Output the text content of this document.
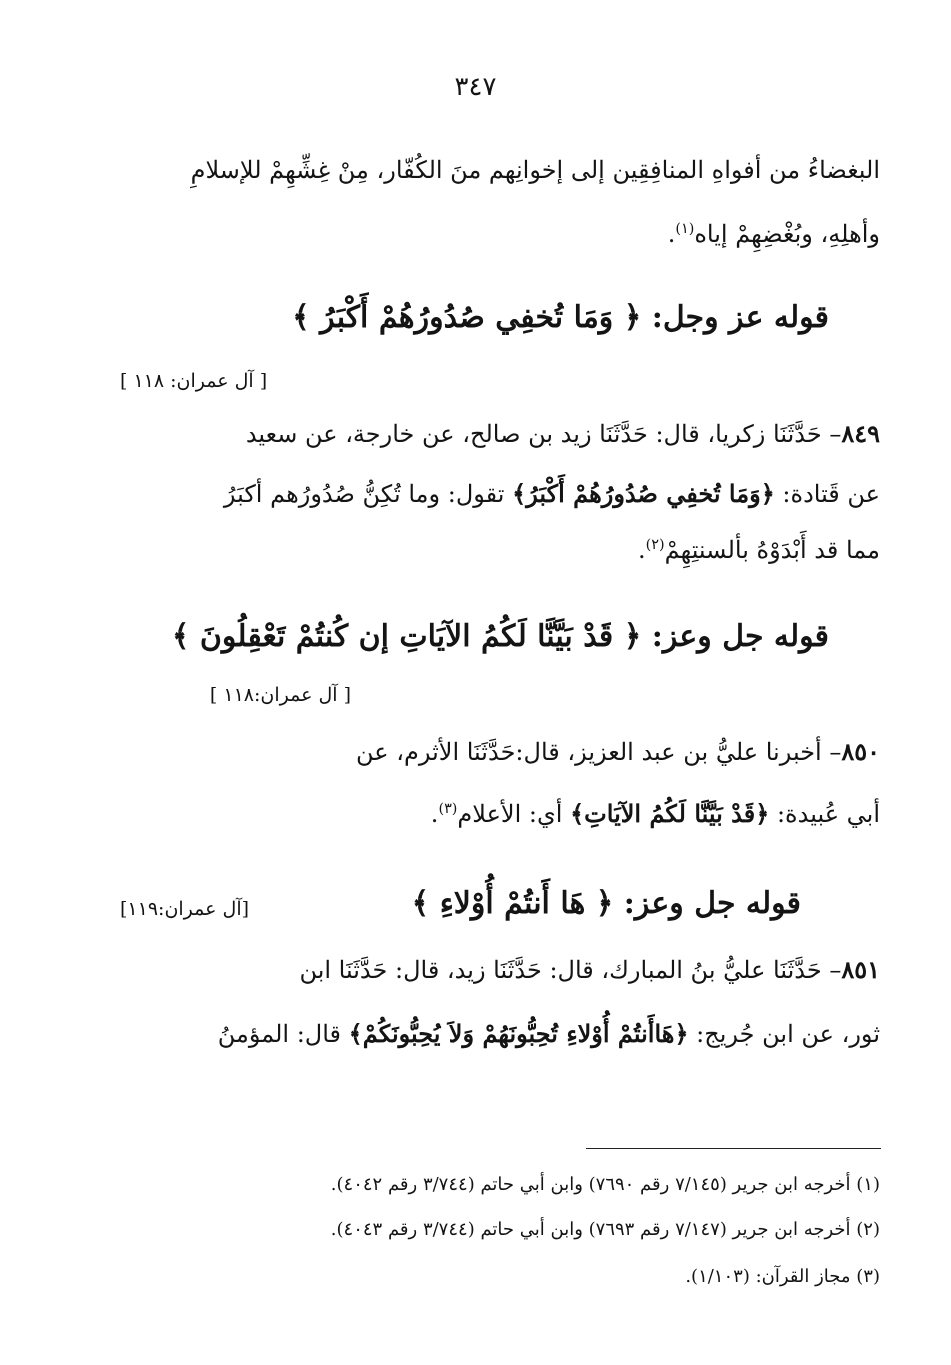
٣٤٧
البغضاءُ من أفواهِ المنافِقِين إلى إخوانِهم منَ الكُفّار، مِنْ غِشِّهِمْ للإسلامِ
وأهلِهِ، وبُغْضِهِمْ إياه$^{(١)}$.
قوله عز وجل: ﴿ وَمَا تُخفِي صُدُورُهُمْ أَكْبَرُ ﴾
[ آل عمران: ١١٨ ]
٨٤٩– حَدَّثَنَا زكريا، قال: حَدَّثَنَا زيد بن صالح، عن خارجة، عن سعيد
عن قَتادة: ﴿وَمَا تُخفِي صُدُورُهُمْ أَكْبَرُ﴾ تقول: وما تُكِنُّ صُدُورُهم أكبَرُ
مما قد أَبْدَوْهُ بألسنتِهِمْ$^{(٢)}$.
قوله جل وعز: ﴿ قَدْ بَيَّنَّا لَكُمُ الآيَاتِ إن كُنتُمْ تَعْقِلُونَ ﴾
[ آل عمران:١١٨ ]
٨٥٠– أخبرنا عليُّ بن عبد العزيز، قال:حَدَّثَنَا الأثرم، عن
أبي عُبيدة: ﴿قَدْ بَيَّنَّا لَكُمُ الآيَاتِ﴾ أي: الأعلام$^{(٣)}$.
قوله جل وعز: ﴿ هَا أَنتُمْ أُوْلاءِ ﴾
[آل عمران:١١٩]
٨٥١– حَدَّثَنَا عليُّ بنُ المبارك، قال: حَدَّثَنَا زيد، قال: حَدَّثَنَا ابن
ثور، عن ابن جُريج: ﴿هَاأَنتُمْ أُوْلاءِ تُحِبُّونَهُمْ وَلاَ يُحِبُّونَكُمْ﴾ قال: المؤمنُ
(١) أخرجه ابن جرير (٧/١٤٥ رقم ٧٦٩٠) وابن أبي حاتم (٣/٧٤٤ رقم ٤٠٤٢).
(٢) أخرجه ابن جرير (٧/١٤٧ رقم ٧٦٩٣) وابن أبي حاتم (٣/٧٤٤ رقم ٤٠٤٣).
(٣) مجاز القرآن: (١/١٠٣).
